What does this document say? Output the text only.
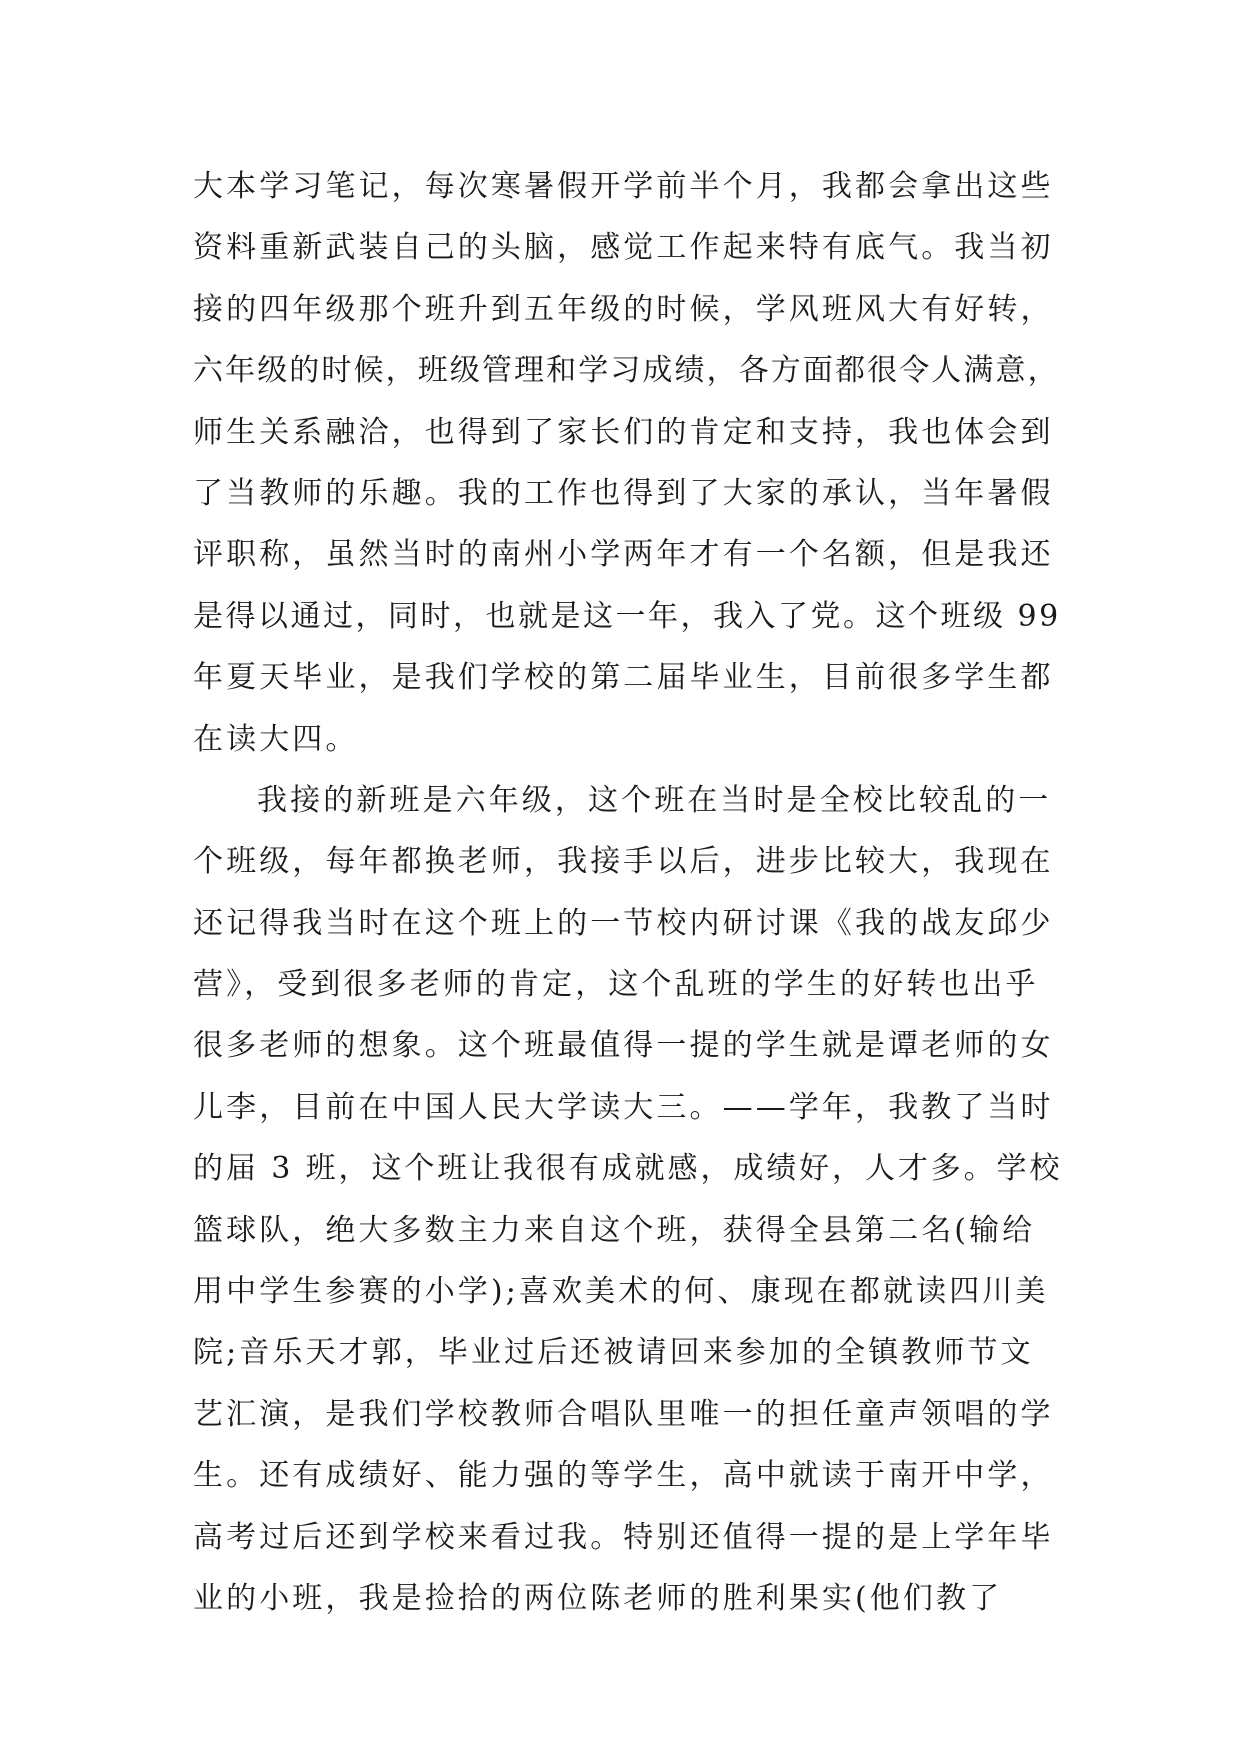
大本学习笔记，每次寒暑假开学前半个月，我都会拿出这些
资料重新武装自己的头脑，感觉工作起来特有底气。我当初
接的四年级那个班升到五年级的时候，学风班风大有好转，
六年级的时候，班级管理和学习成绩，各方面都很令人满意，
师生关系融洽，也得到了家长们的肯定和支持，我也体会到
了当教师的乐趣。我的工作也得到了大家的承认，当年暑假
评职称，虽然当时的南州小学两年才有一个名额，但是我还
是得以通过，同时，也就是这一年，我入了党。这个班级 99
年夏天毕业，是我们学校的第二届毕业生，目前很多学生都
在读大四。
我接的新班是六年级，这个班在当时是全校比较乱的一
个班级，每年都换老师，我接手以后，进步比较大，我现在
还记得我当时在这个班上的一节校内研讨课《我的战友邱少
营》，受到很多老师的肯定，这个乱班的学生的好转也出乎
很多老师的想象。这个班最值得一提的学生就是谭老师的女
儿李，目前在中国人民大学读大三。——学年，我教了当时
的届 3 班，这个班让我很有成就感，成绩好，人才多。学校
篮球队，绝大多数主力来自这个班，获得全县第二名(输给
用中学生参赛的小学);喜欢美术的何、康现在都就读四川美
院;音乐天才郭，毕业过后还被请回来参加的全镇教师节文
艺汇演，是我们学校教师合唱队里唯一的担任童声领唱的学
生。还有成绩好、能力强的等学生，高中就读于南开中学，
高考过后还到学校来看过我。特别还值得一提的是上学年毕
业的小班，我是捡拾的两位陈老师的胜利果实(他们教了
